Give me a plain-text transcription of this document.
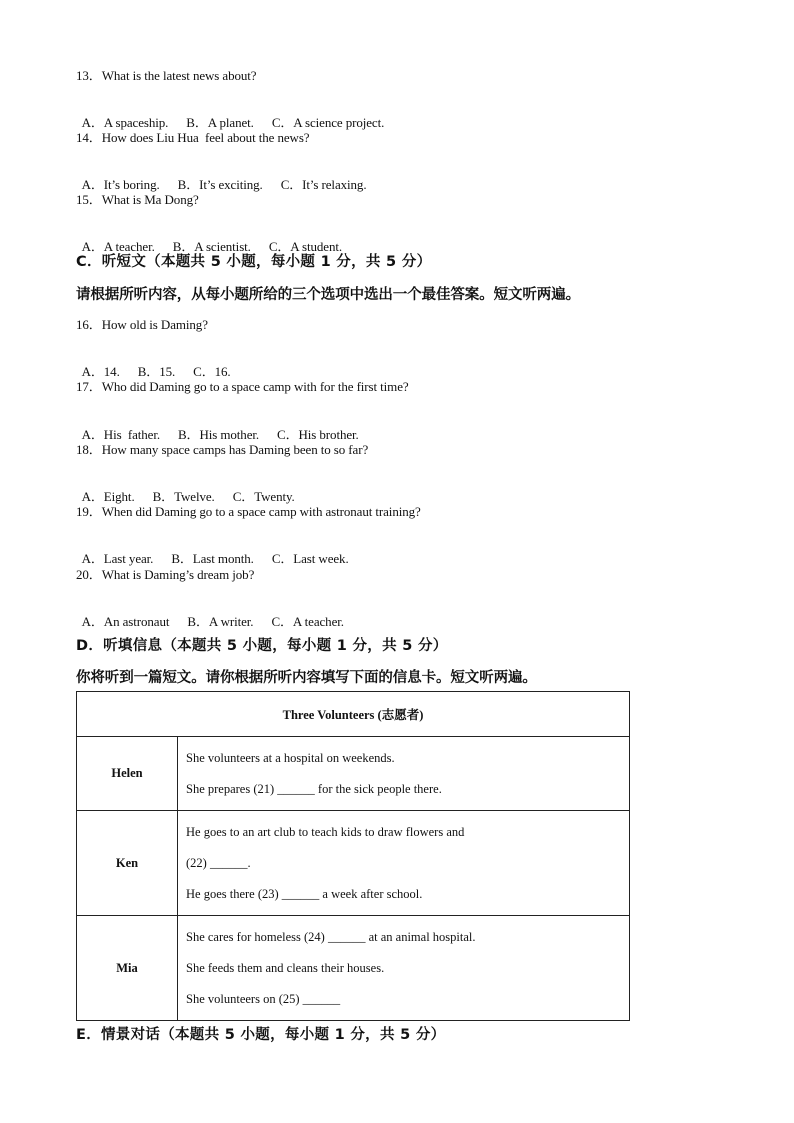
13．What is the latest news about?

A．A spaceship. B．A planet. C．A science project.

14．How does Liu Hua  feel about the news?

A．It’s boring. B．It’s exciting. C．It’s relaxing.

15．What is Ma Dong?

A．A teacher. B．A scientist. C．A student.

C．听短文（本题共 5 小题，每小题 1 分，共 5 分）
请根据所听内容，从每小题所给的三个选项中选出一个最佳答案。短文听两遍。
16．How old is Daming?

A．14. B．15. C．16.

17．Who did Daming go to a space camp with for the first time?

A．His  father. B．His mother. C．His brother.

18．How many space camps has Daming been to so far?

A．Eight. B．Twelve. C．Twenty.

19．When did Daming go to a space camp with astronaut training?

A．Last year. B．Last month. C．Last week.

20．What is Daming’s dream job?

A．An astronaut B．A writer. C．A teacher.

D．听填信息（本题共 5 小题，每小题 1 分，共 5 分）
你将听到一篇短文。请你根据所听内容填写下面的信息卡。短文听两遍。
Three Volunteers (志愿者)	
Helen	She volunteers at a hospital on weekends.
She prepares (21) ______ for the sick people there.

Ken	He goes to an art club to teach kids to draw flowers and
(22) ______.
He goes there (23) ______ a week after school.

Mia	She cares for homeless (24) ______ at an animal hospital.
She feeds them and cleans their houses.
She volunteers on (25) ______
E．情景对话（本题共 5 小题，每小题 1 分，共 5 分）
